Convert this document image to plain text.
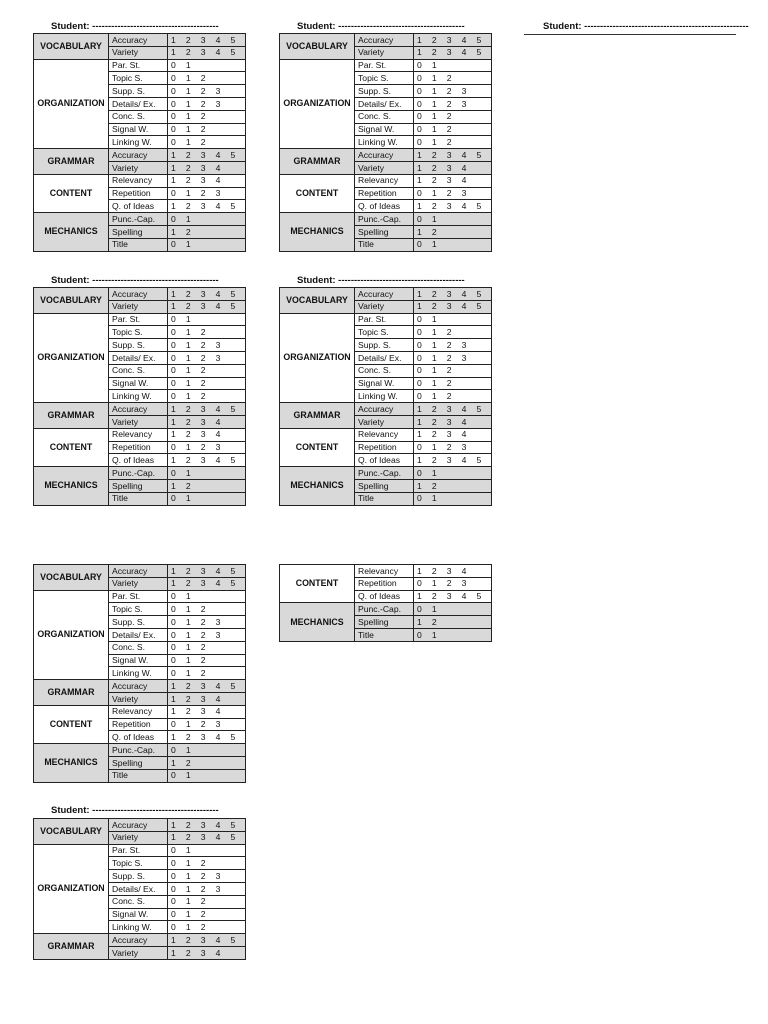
Student: ----------------------------------------	Student: ----------------------------------------	Student: ----------------------------------------------------
Student: ----------------------------------------	Student: ----------------------------------------
Student: ----------------------------------------
VOCABULARY	Accuracy	1  2  3  4  5
	Variety	1  2  3  4  5
ORGANIZATION	Par. St.	0  1
	Topic S.	0  1  2
	Supp. S.	0  1  2  3
	Details/ Ex.	0  1  2  3
	Conc. S.	0  1  2
	Signal W.	0  1  2
	Linking W.	0  1  2
GRAMMAR	Accuracy	1  2  3  4  5
	Variety	1  2  3  4
CONTENT	Relevancy	1  2  3  4
	Repetition	0  1  2  3
	Q. of Ideas	1  2  3  4  5
MECHANICS	Punc.-Cap.	0  1
	Spelling	1  2
	Title	0  1
VOCABULARY	Accuracy	1  2  3  4  5
	Variety	1  2  3  4  5
ORGANIZATION	Par. St.	0  1
	Topic S.	0  1  2
	Supp. S.	0  1  2  3
	Details/ Ex.	0  1  2  3
	Conc. S.	0  1  2
	Signal W.	0  1  2
	Linking W.	0  1  2
GRAMMAR	Accuracy	1  2  3  4  5
	Variety	1  2  3  4
CONTENT	Relevancy	1  2  3  4
	Repetition	0  1  2  3
	Q. of Ideas	1  2  3  4  5
MECHANICS	Punc.-Cap.	0  1
	Spelling	1  2
	Title	0  1
VOCABULARY	Accuracy	1  2  3  4  5
	Variety	1  2  3  4  5
ORGANIZATION	Par. St.	0  1
	Topic S.	0  1  2
	Supp. S.	0  1  2  3
	Details/ Ex.	0  1  2  3
	Conc. S.	0  1  2
	Signal W.	0  1  2
	Linking W.	0  1  2
GRAMMAR	Accuracy	1  2  3  4  5
	Variety	1  2  3  4
CONTENT	Relevancy	1  2  3  4
	Repetition	0  1  2  3
	Q. of Ideas	1  2  3  4  5
MECHANICS	Punc.-Cap.	0  1
	Spelling	1  2
	Title	0  1
VOCABULARY	Accuracy	1  2  3  4  5
	Variety	1  2  3  4  5
ORGANIZATION	Par. St.	0  1
	Topic S.	0  1  2
	Supp. S.	0  1  2  3
	Details/ Ex.	0  1  2  3
	Conc. S.	0  1  2
	Signal W.	0  1  2
	Linking W.	0  1  2
GRAMMAR	Accuracy	1  2  3  4  5
	Variety	1  2  3  4
CONTENT	Relevancy	1  2  3  4
	Repetition	0  1  2  3
	Q. of Ideas	1  2  3  4  5
MECHANICS	Punc.-Cap.	0  1
	Spelling	1  2
	Title	0  1
VOCABULARY	Accuracy	1  2  3  4  5
	Variety	1  2  3  4  5
ORGANIZATION	Par. St.	0  1
	Topic S.	0  1  2
	Supp. S.	0  1  2  3
	Details/ Ex.	0  1  2  3
	Conc. S.	0  1  2
	Signal W.	0  1  2
	Linking W.	0  1  2
GRAMMAR	Accuracy	1  2  3  4  5
	Variety	1  2  3  4
CONTENT	Relevancy	1  2  3  4
	Repetition	0  1  2  3
	Q. of Ideas	1  2  3  4  5
MECHANICS	Punc.-Cap.	0  1
	Spelling	1  2
	Title	0  1
CONTENT	Relevancy	1  2  3  4
	Repetition	0  1  2  3
	Q. of Ideas	1  2  3  4  5
MECHANICS	Punc.-Cap.	0  1
	Spelling	1  2
	Title	0  1
VOCABULARY	Accuracy	1  2  3  4  5
	Variety	1  2  3  4  5
ORGANIZATION	Par. St.	0  1
	Topic S.	0  1  2
	Supp. S.	0  1  2  3
	Details/ Ex.	0  1  2  3
	Conc. S.	0  1  2
	Signal W.	0  1  2
	Linking W.	0  1  2
GRAMMAR	Accuracy	1  2  3  4  5
	Variety	1  2  3  4
